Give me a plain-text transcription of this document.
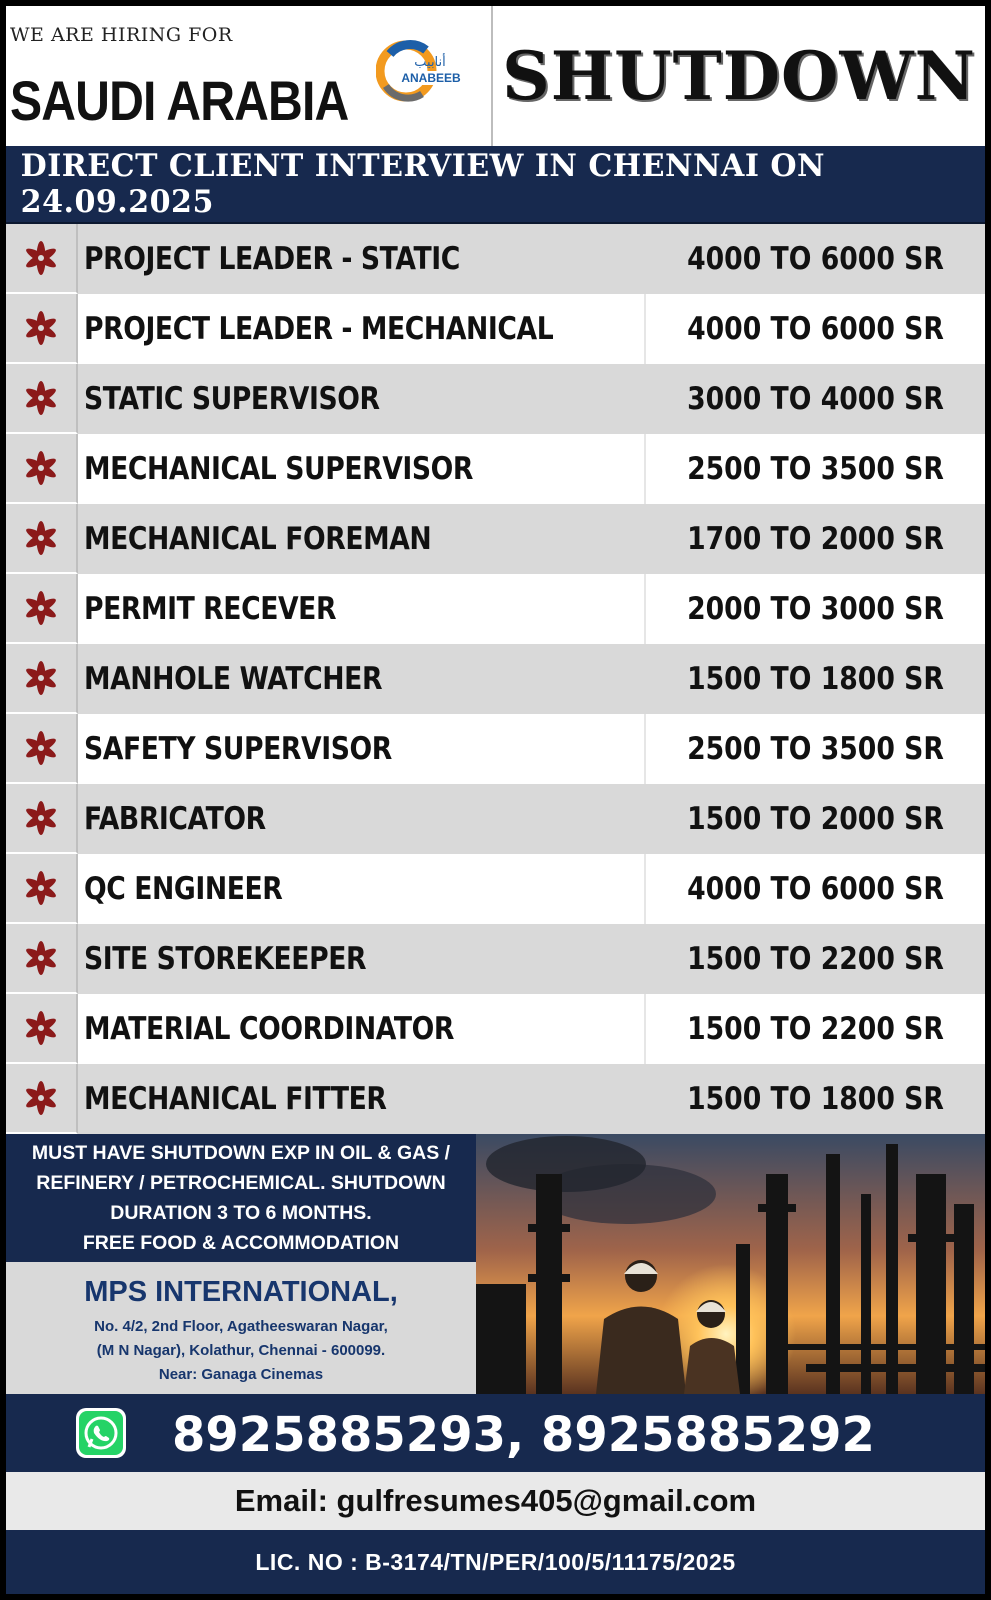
WE ARE HIRING FOR
SAUDI ARABIA
أنابيب
ANABEEB SHUTDOWN
DIRECT CLIENT INTERVIEW IN CHENNAI ON 24.09.2025
PROJECT LEADER - STATIC	4000 TO 6000 SR
PROJECT LEADER - MECHANICAL	4000 TO 6000 SR
STATIC SUPERVISOR	3000 TO 4000 SR
MECHANICAL SUPERVISOR	2500 TO 3500 SR
MECHANICAL FOREMAN	1700 TO 2000 SR
PERMIT RECEVER	2000 TO 3000 SR
MANHOLE WATCHER	1500 TO 1800 SR
SAFETY SUPERVISOR	2500 TO 3500 SR
FABRICATOR	1500 TO 2000 SR
QC ENGINEER	4000 TO 6000 SR
SITE STOREKEEPER	1500 TO 2200 SR
MATERIAL COORDINATOR	1500 TO 2200 SR
MECHANICAL FITTER	1500 TO 1800 SR
MUST HAVE SHUTDOWN EXP IN OIL & GAS /
REFINERY / PETROCHEMICAL. SHUTDOWN
DURATION 3 TO 6 MONTHS.
FREE FOOD & ACCOMMODATION
MPS INTERNATIONAL,
No. 4/2, 2nd Floor, Agatheeswaran Nagar,
(M N Nagar), Kolathur, Chennai - 600099.
Near: Ganaga Cinemas
8925885293, 8925885292
Email: gulfresumes405@gmail.com
LIC. NO : B-3174/TN/PER/100/5/11175/2025
